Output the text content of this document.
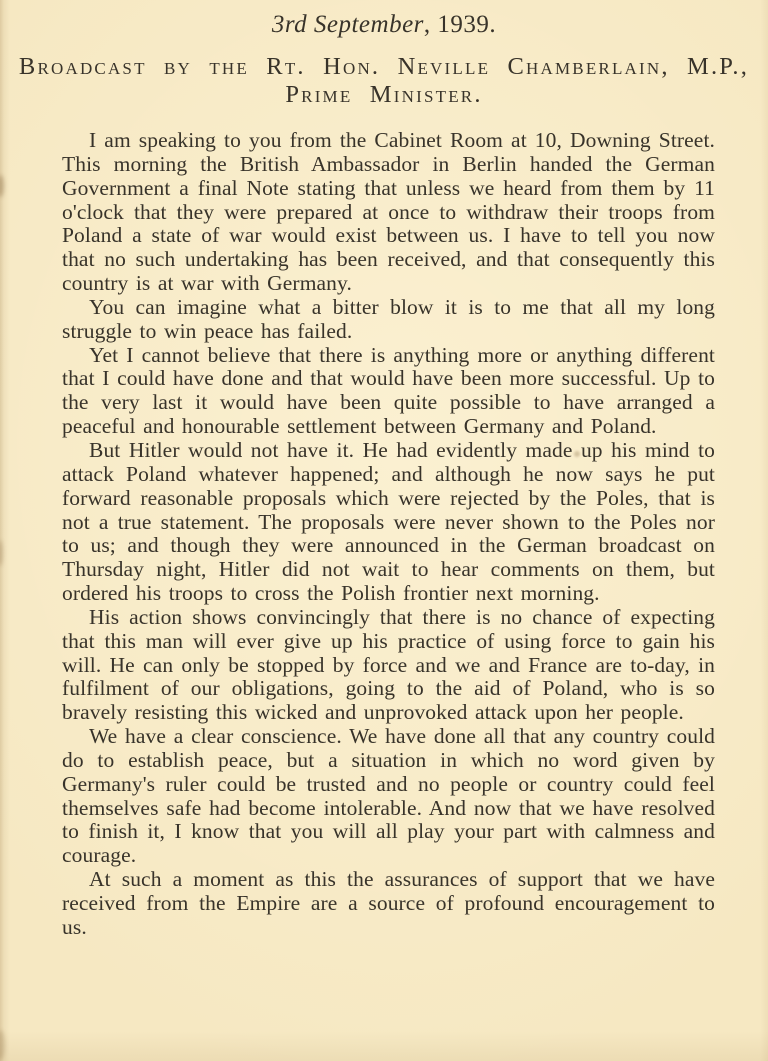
3rd September, 1939.
Broadcast by the Rt. Hon. Neville Chamberlain, M.P.,
Prime Minister.

I am speaking to you from the Cabinet Room at 10, Downing Street. This morning the British Ambassador in Berlin handed the German Government a final Note stating that unless we heard from them by 11 o'clock that they were prepared at once to withdraw their troops from Poland a state of war would exist between us. I have to tell you now that no such undertaking has been received, and that consequently this country is at war with Germany.

You can imagine what a bitter blow it is to me that all my long struggle to win peace has failed.

Yet I cannot believe that there is anything more or anything different that I could have done and that would have been more successful. Up to the very last it would have been quite possible to have arranged a peaceful and honourable settlement between Germany and Poland.

But Hitler would not have it. He had evidently made up his mind to attack Poland whatever happened; and although he now says he put forward reasonable proposals which were rejected by the Poles, that is not a true statement. The proposals were never shown to the Poles nor to us; and though they were announced in the German broadcast on Thursday night, Hitler did not wait to hear comments on them, but ordered his troops to cross the Polish frontier next morning.

His action shows convincingly that there is no chance of expecting that this man will ever give up his practice of using force to gain his will. He can only be stopped by force and we and France are to-day, in fulfilment of our obligations, going to the aid of Poland, who is so bravely resisting this wicked and unprovoked attack upon her people.

We have a clear conscience. We have done all that any country could do to establish peace, but a situation in which no word given by Germany's ruler could be trusted and no people or country could feel themselves safe had become intolerable. And now that we have resolved to finish it, I know that you will all play your part with calmness and courage.

At such a moment as this the assurances of support that we have received from the Empire are a source of profound encouragement to us.
